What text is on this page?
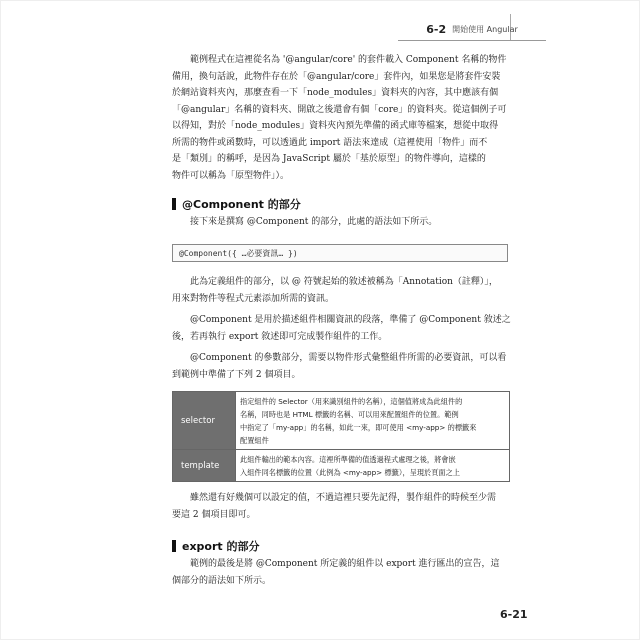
6-2 開始使用 Angular
範例程式在這裡從名為 '@angular/core' 的套件載入 Component 名稱的物件
備用，換句話說，此物件存在於「@angular/core」套件內，如果您是將套件安裝
於網站資料夾內，那麼查看一下「node_modules」資料夾的內容，其中應該有個
「@angular」名稱的資料夾、開啟之後還會有個「core」的資料夾。從這個例子可
以得知，對於「node_modules」資料夾內預先準備的函式庫等檔案，想從中取得
所需的物件或函數時，可以透過此 import 語法來達成（這裡使用「物件」而不
是「類別」的稱呼，是因為 JavaScript 屬於「基於原型」的物件導向，這樣的
物件可以稱為「原型物件」）。
@Component 的部分
接下來是撰寫 @Component 的部分，此處的語法如下所示。
@Component({ …必要資訊… })
此為定義組件的部分，以 @ 符號起始的敘述被稱為「Annotation（註釋）」，
用來對物件等程式元素添加所需的資訊。
@Component 是用於描述組件相關資訊的段落，準備了 @Component 敘述之
後，若再執行 export 敘述即可完成製作組件的工作。
@Component 的參數部分，需要以物件形式彙整組件所需的必要資訊，可以看
到範例中準備了下列 2 個項目。
selector	指定組件的 Selector（用來識別組件的名稱），這個值將成為此組件的
名稱，同時也是 HTML 標籤的名稱、可以用來配置組件的位置。範例
中指定了「my-app」的名稱，如此一來，即可使用 <my-app> 的標籤來
配置組件

template	此組件輸出的範本內容。這裡所準備的值透過程式處理之後，將會嵌
入組件同名標籤的位置（此例為 <my-app> 標籤），呈現於頁面之上
雖然還有好幾個可以設定的值，不過這裡只要先記得，製作組件的時候至少需
要這 2 個項目即可。
export 的部分
範例的最後是將 @Component 所定義的組件以 export 進行匯出的宣告，這
個部分的語法如下所示。
6-21
